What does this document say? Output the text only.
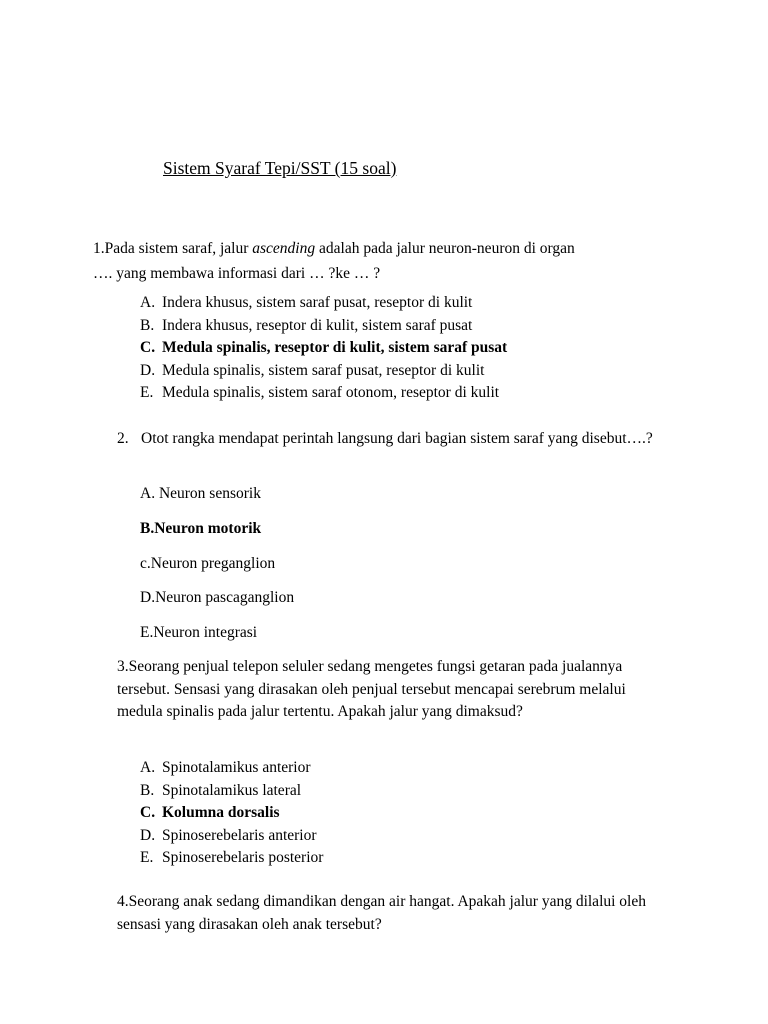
Sistem Syaraf Tepi/SST (15 soal)
1.Pada sistem saraf, jalur ascending adalah pada jalur neuron-neuron di organ
…. yang membawa informasi dari … ?ke … ?
A. Indera khusus, sistem saraf pusat, reseptor di kulit
B. Indera khusus, reseptor di kulit, sistem saraf pusat
C. Medula spinalis, reseptor di kulit, sistem saraf pusat
D. Medula spinalis, sistem saraf pusat, reseptor di kulit
E. Medula spinalis, sistem saraf otonom, reseptor di kulit
2. Otot rangka mendapat perintah langsung dari bagian sistem saraf yang disebut….?
A. Neuron sensorik
B.Neuron motorik
c.Neuron preganglion
D.Neuron pascaganglion
E.Neuron integrasi
3.Seorang penjual telepon seluler sedang mengetes fungsi getaran pada jualannya tersebut. Sensasi yang dirasakan oleh penjual tersebut mencapai serebrum melalui medula spinalis pada jalur tertentu. Apakah jalur yang dimaksud?
A. Spinotalamikus anterior
B. Spinotalamikus lateral
C. Kolumna dorsalis
D. Spinoserebelaris anterior
E. Spinoserebelaris posterior
4.Seorang anak sedang dimandikan dengan air hangat. Apakah jalur yang dilalui oleh sensasi yang dirasakan oleh anak tersebut?
